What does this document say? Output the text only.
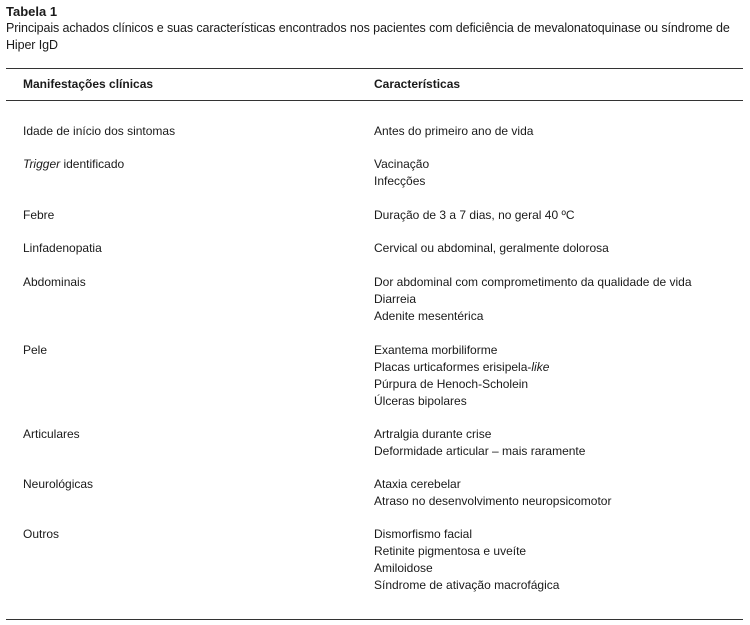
Tabela 1
Principais achados clínicos e suas características encontrados nos pacientes com deficiência de mevalonatoquinase ou síndrome de Hiper IgD
Manifestações clínicas	Características
Idade de início dos sintomas	Antes do primeiro ano de vida
Trigger identificado	Vacinação
Infecções
Febre	Duração de 3 a 7 dias, no geral 40 ºC
Linfadenopatia	Cervical ou abdominal, geralmente dolorosa
Abdominais	Dor abdominal com comprometimento da qualidade de vida
Diarreia
Adenite mesentérica
Pele	Exantema morbiliforme
Placas urticaformes erisipela-like
Púrpura de Henoch-Scholein
Úlceras bipolares
Articulares	Artralgia durante crise
Deformidade articular – mais raramente
Neurológicas	Ataxia cerebelar
Atraso no desenvolvimento neuropsicomotor
Outros	Dismorfismo facial
Retinite pigmentosa e uveíte
Amiloidose
Síndrome de ativação macrofágica
